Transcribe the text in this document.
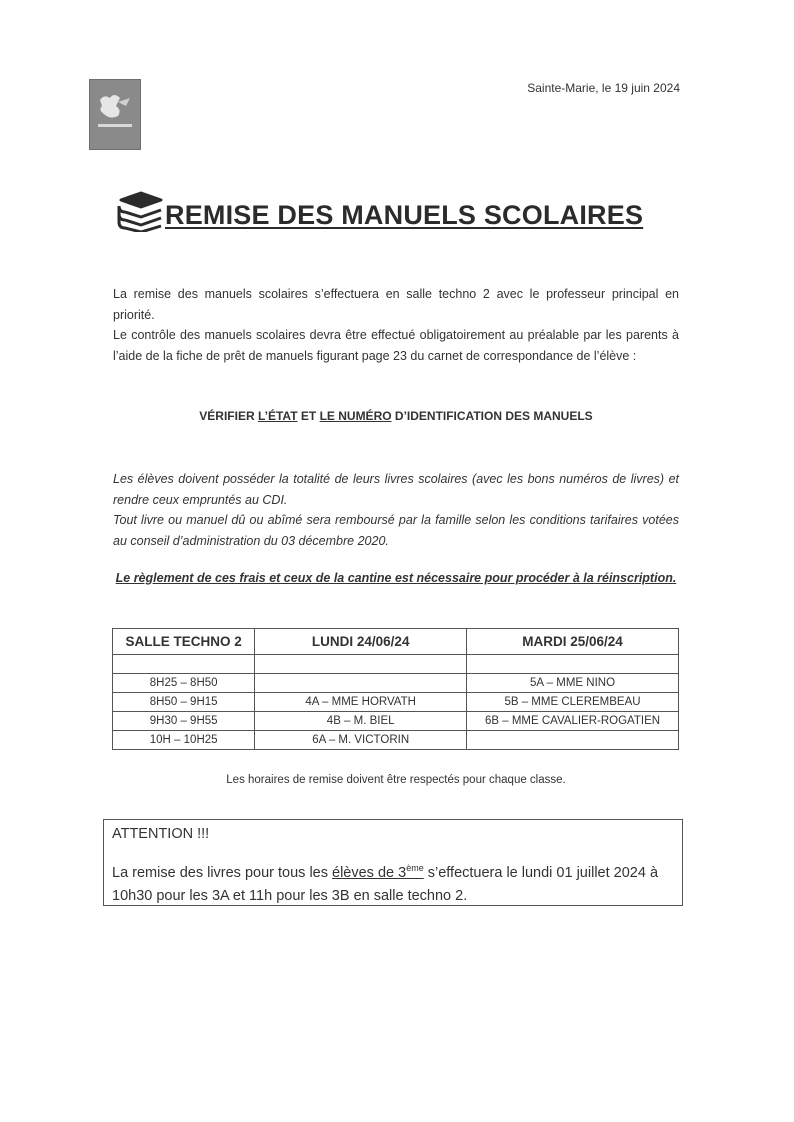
Sainte-Marie, le 19 juin 2024
REMISE DES MANUELS SCOLAIRES

La remise des manuels scolaires s’effectuera en salle techno 2 avec le professeur principal en priorité.

Le contrôle des manuels scolaires devra être effectué obligatoirement au préalable par les parents à l’aide de la fiche de prêt de manuels figurant page 23 du carnet de correspondance de l’élève :

VÉRIFIER L’ÉTAT ET LE NUMÉRO D’IDENTIFICATION DES MANUELS

Les élèves doivent posséder la totalité de leurs livres scolaires (avec les bons numéros de livres) et rendre ceux empruntés au CDI.

Tout livre ou manuel dû ou abîmé sera remboursé par la famille selon les conditions tarifaires votées au conseil d’administration du 03 décembre 2020.

Le règlement de ces frais et ceux de la cantine est nécessaire pour procéder à la réinscription.
SALLE TECHNO 2	LUNDI 24/06/24	MARDI 25/06/24

8H25 – 8H50		5A – MME NINO
8H50 – 9H15	4A – MME HORVATH	5B – MME CLEREMBEAU
9H30 – 9H55	4B – M. BIEL	6B – MME CAVALIER-ROGATIEN
10H – 10H25	6A – M. VICTORIN	
Les horaires de remise doivent être respectés pour chaque classe.

ATTENTION !!!

La remise des livres pour tous les élèves de 3ème s’effectuera le lundi 01 juillet 2024 à 10h30 pour les 3A et 11h pour les 3B en salle techno 2.
